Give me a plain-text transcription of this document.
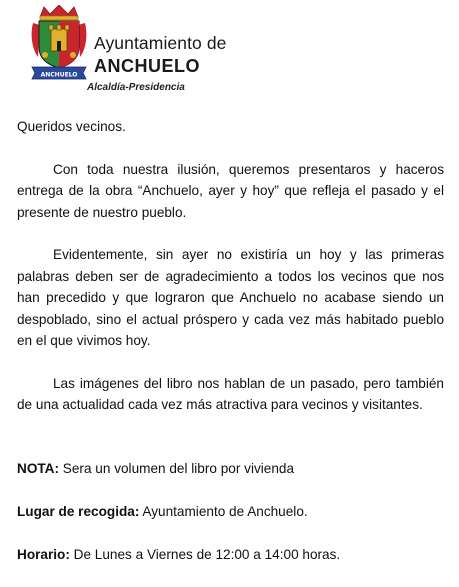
ANCHUELO
Ayuntamiento de
ANCHUELO
Alcaldía-Presidencia

Queridos vecinos.

Con toda nuestra ilusión, queremos presentaros y haceros entrega de la obra “Anchuelo, ayer y hoy” que refleja el pasado y el presente de nuestro pueblo.

Evidentemente, sin ayer no existiría un hoy y las primeras palabras deben ser de agradecimiento a todos los vecinos que nos han precedido y que lograron que Anchuelo no acabase siendo un despoblado, sino el actual próspero y cada vez más habitado pueblo en el que vivimos hoy.

Las imágenes del libro nos hablan de un pasado, pero también de una actualidad cada vez más atractiva para vecinos y visitantes.

NOTA: Sera un volumen del libro por vivienda

Lugar de recogida: Ayuntamiento de Anchuelo.

Horario: De Lunes a Viernes de 12:00 a 14:00 horas.
